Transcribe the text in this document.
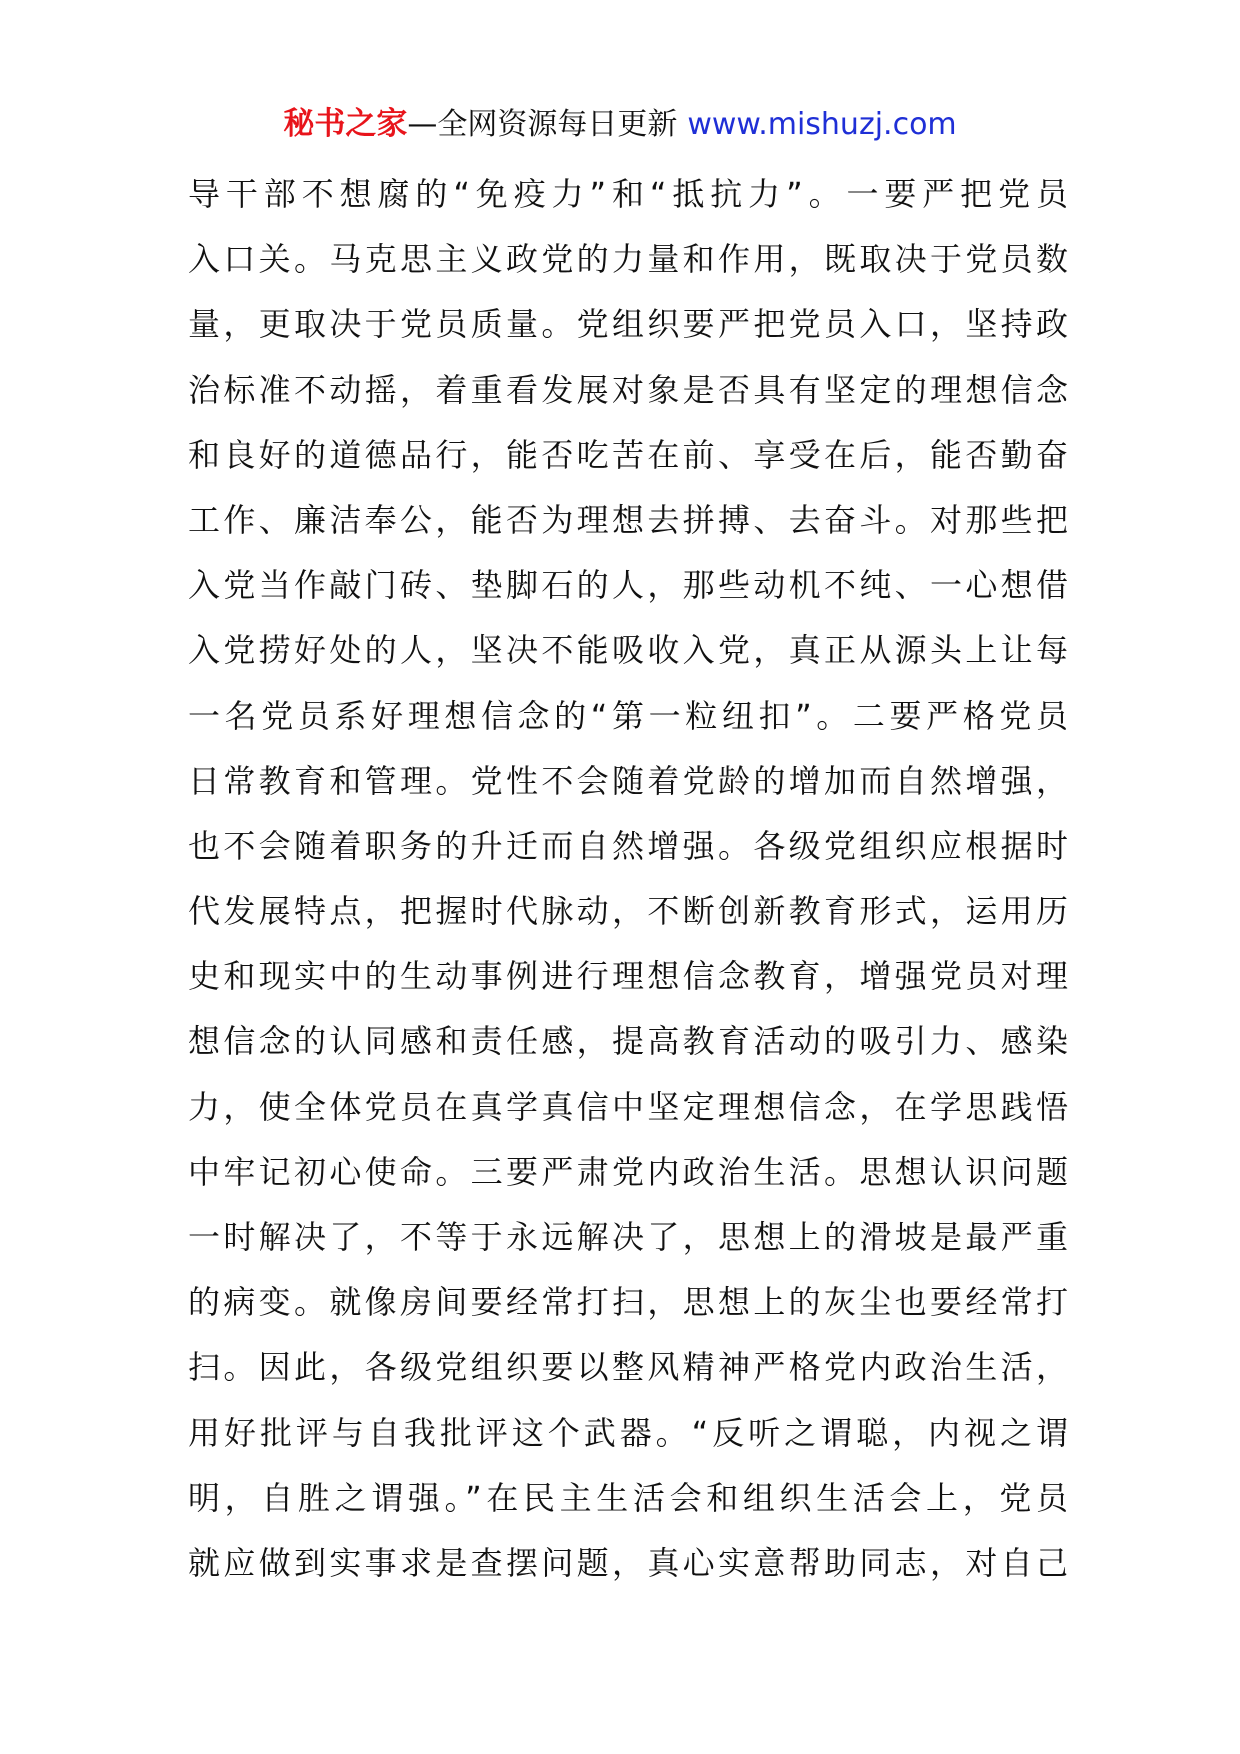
秘书之家—全网资源每日更新 www.mishuzj.com
导干部不想腐的“免疫力”和“抵抗力”。一要严把党员
入口关。马克思主义政党的力量和作用，既取决于党员数
量，更取决于党员质量。党组织要严把党员入口，坚持政
治标准不动摇，着重看发展对象是否具有坚定的理想信念
和良好的道德品行，能否吃苦在前、享受在后，能否勤奋
工作、廉洁奉公，能否为理想去拼搏、去奋斗。对那些把
入党当作敲门砖、垫脚石的人，那些动机不纯、一心想借
入党捞好处的人，坚决不能吸收入党，真正从源头上让每
一名党员系好理想信念的“第一粒纽扣”。二要严格党员
日常教育和管理。党性不会随着党龄的增加而自然增强，
也不会随着职务的升迁而自然增强。各级党组织应根据时
代发展特点，把握时代脉动，不断创新教育形式，运用历
史和现实中的生动事例进行理想信念教育，增强党员对理
想信念的认同感和责任感，提高教育活动的吸引力、感染
力，使全体党员在真学真信中坚定理想信念，在学思践悟
中牢记初心使命。三要严肃党内政治生活。思想认识问题
一时解决了，不等于永远解决了，思想上的滑坡是最严重
的病变。就像房间要经常打扫，思想上的灰尘也要经常打
扫。因此，各级党组织要以整风精神严格党内政治生活，
用好批评与自我批评这个武器。“反听之谓聪，内视之谓
明，自胜之谓强。”在民主生活会和组织生活会上，党员
就应做到实事求是查摆问题，真心实意帮助同志，对自己
